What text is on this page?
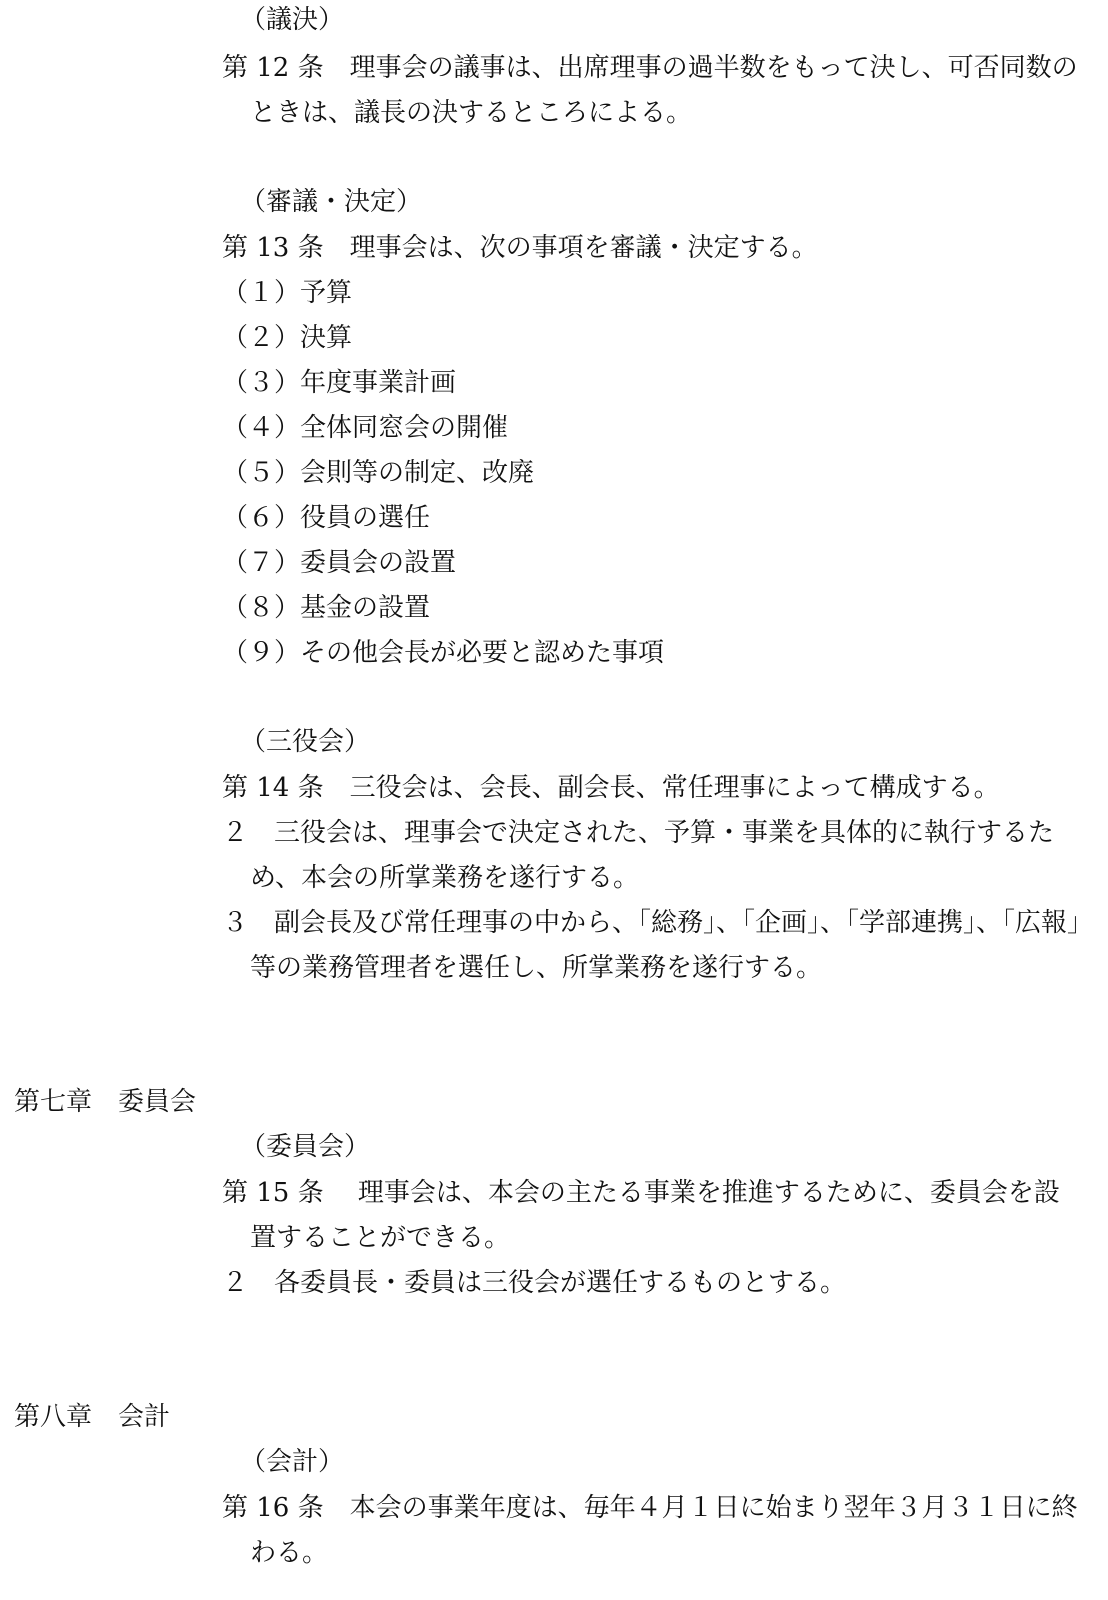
（議決）
第 12 条　理事会の議事は、出席理事の過半数をもって決し、可否同数の
ときは、議長の決するところによる。
（審議・決定）
第 13 条　理事会は、次の事項を審議・決定する。
（１）予算
（２）決算
（３）年度事業計画
（４）全体同窓会の開催
（５）会則等の制定、改廃
（６）役員の選任
（７）委員会の設置
（８）基金の設置
（９）その他会長が必要と認めた事項
（三役会）
第 14 条　三役会は、会長、副会長、常任理事によって構成する。
２　三役会は、理事会で決定された、予算・事業を具体的に執行するた
め、本会の所掌業務を遂行する。
３　副会長及び常任理事の中から、「総務」、「企画」、「学部連携」、「広報」
等の業務管理者を選任し、所掌業務を遂行する。
第七章　委員会
（委員会）
第 15 条　 理事会は、本会の主たる事業を推進するために、委員会を設
置することができる。
２　各委員長・委員は三役会が選任するものとする。
第八章　会計
（会計）
第 16 条　本会の事業年度は、毎年４月１日に始まり翌年３月３１日に終
わる。
